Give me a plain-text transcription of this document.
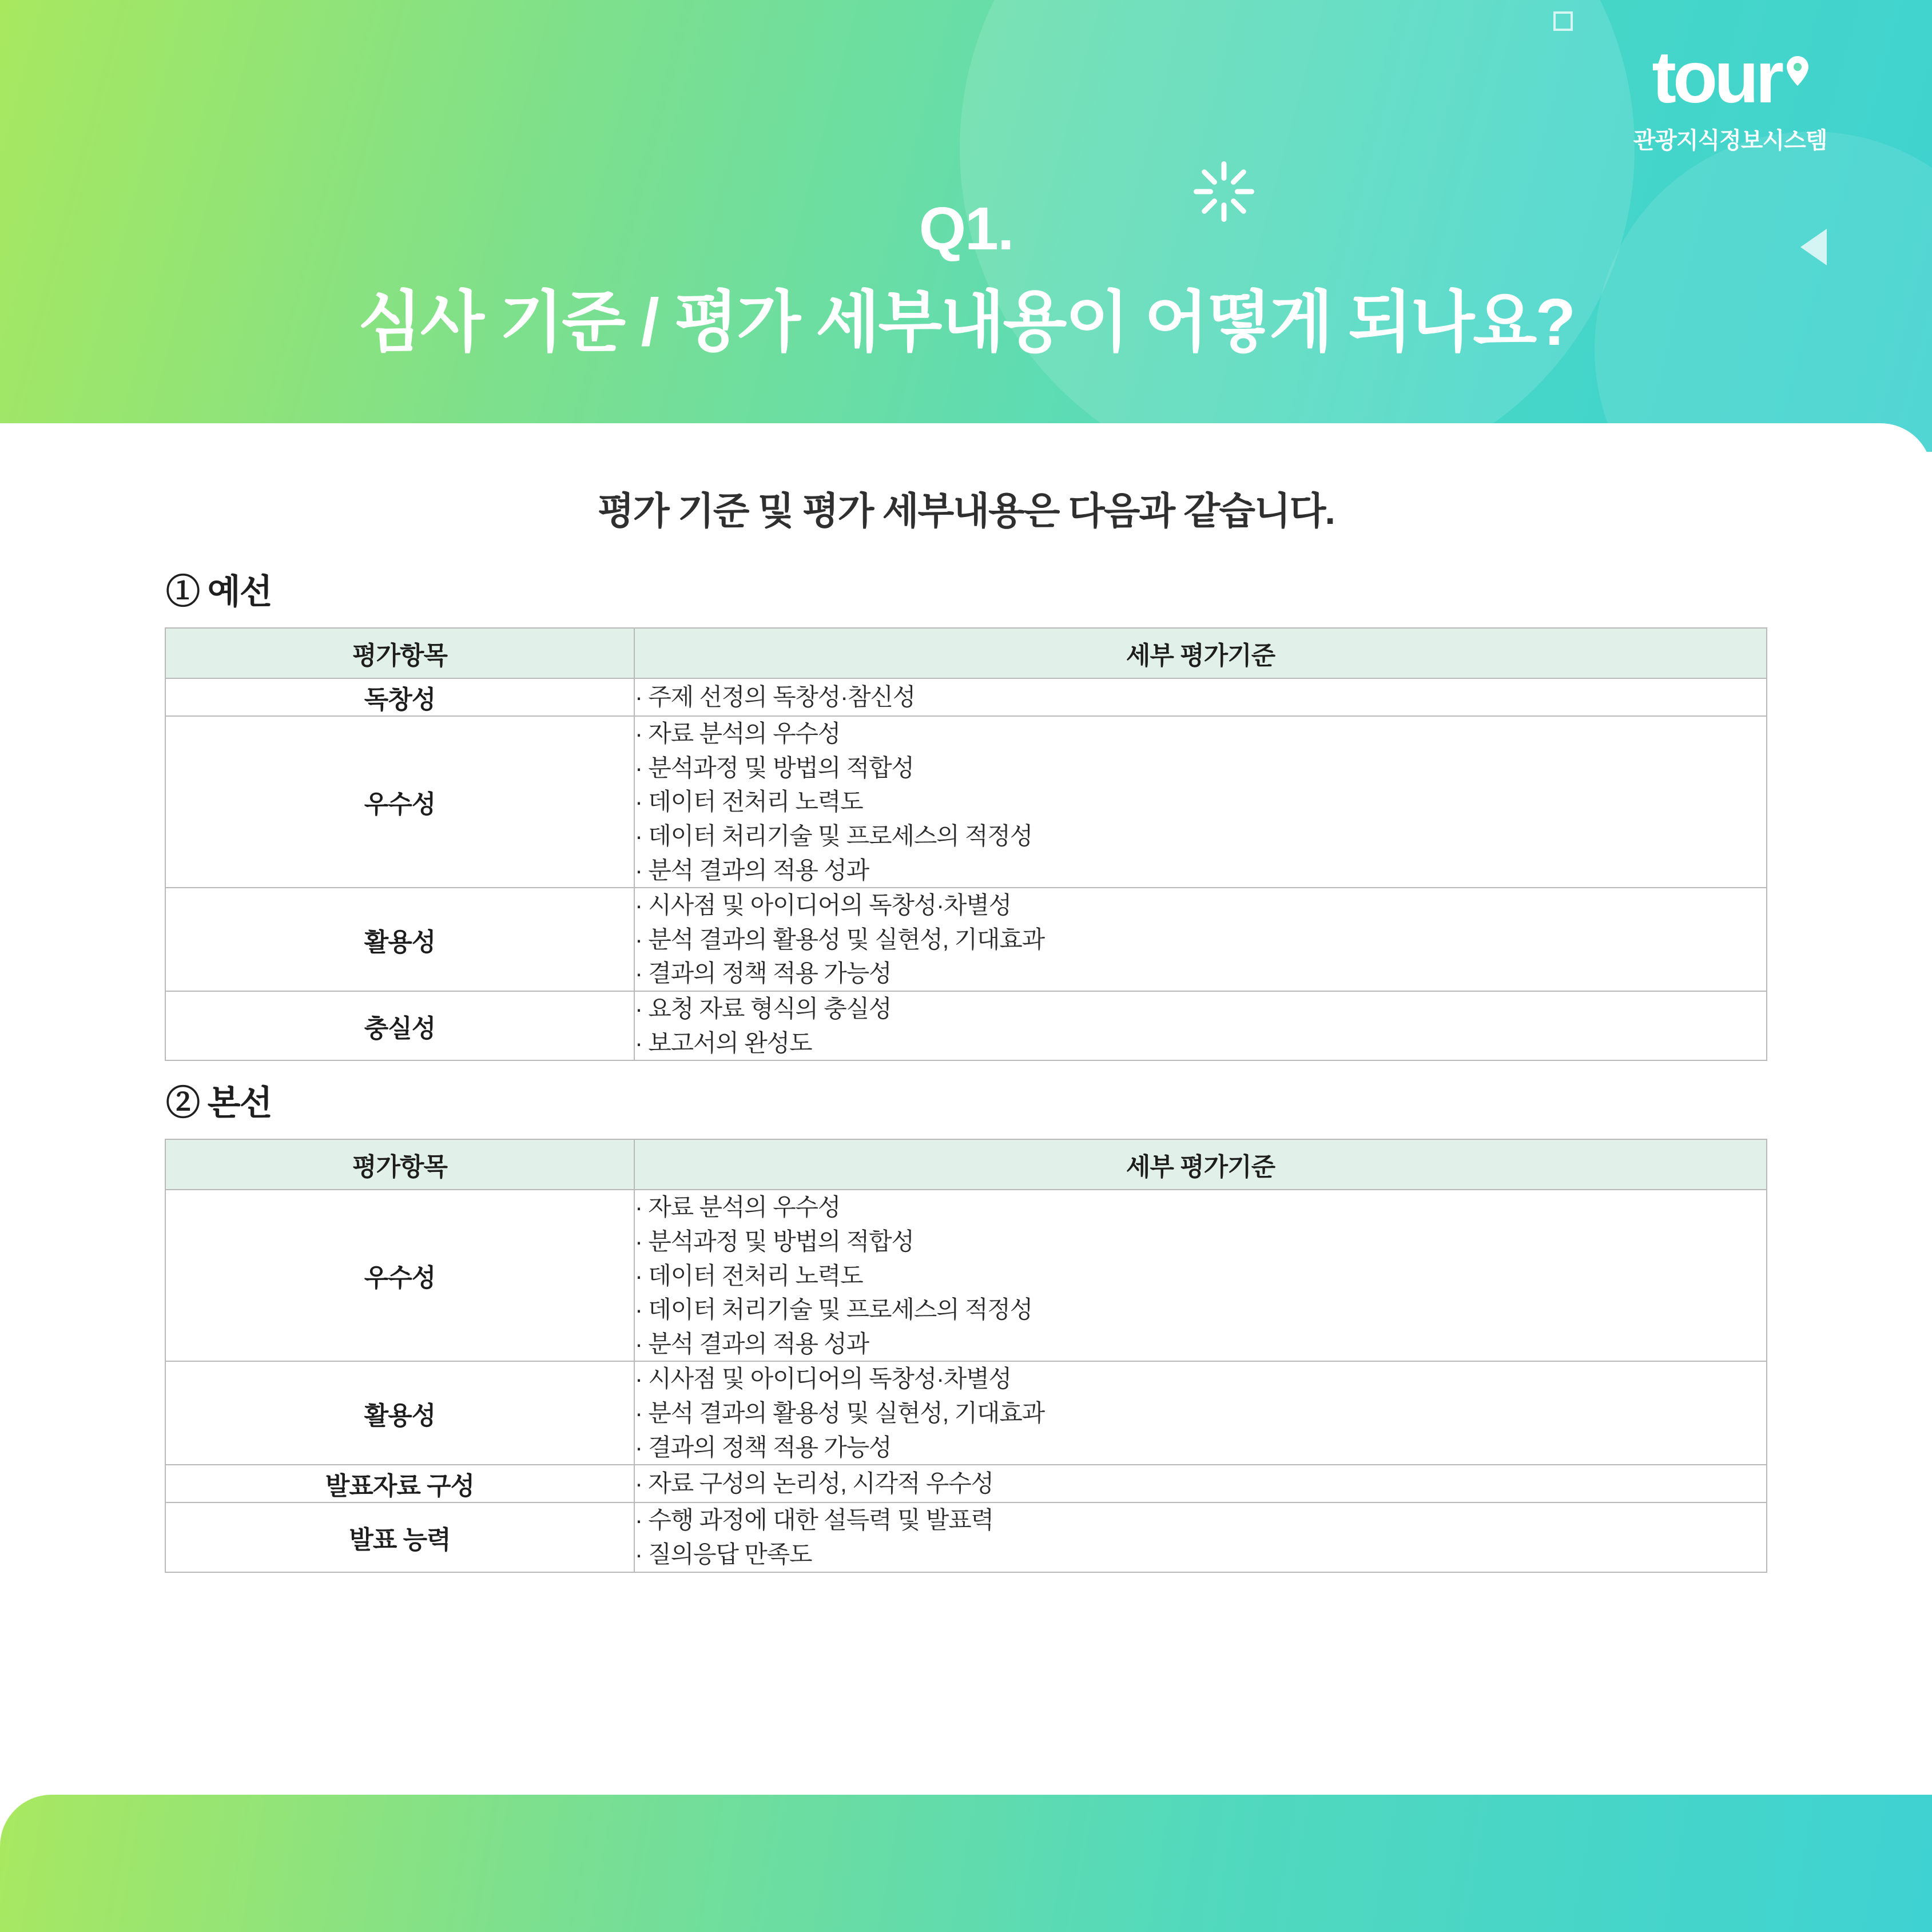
tour
관광지식정보시스템
Q1.
심사 기준 / 평가 세부내용이 어떻게 되나요?
평가 기준 및 평가 세부내용은 다음과 같습니다.
① 예선
평가항목	세부 평가기준
독창성	
·주제 선정의 독창성·참신성

우수성	
· 자료 분석의 우수성
· 분석과정 및 방법의 적합성
· 데이터 전처리 노력도
· 데이터 처리기술 및 프로세스의 적정성
· 분석 결과의 적용 성과

활용성	
· 시사점 및 아이디어의 독창성·차별성
· 분석 결과의 활용성 및 실현성, 기대효과
· 결과의 정책 적용 가능성

충실성	
· 요청 자료 형식의 충실성
· 보고서의 완성도
② 본선
평가항목	세부 평가기준
우수성	
· 자료 분석의 우수성
· 분석과정 및 방법의 적합성
· 데이터 전처리 노력도
· 데이터 처리기술 및 프로세스의 적정성
· 분석 결과의 적용 성과

활용성	
· 시사점 및 아이디어의 독창성·차별성
· 분석 결과의 활용성 및 실현성, 기대효과
· 결과의 정책 적용 가능성

발표자료 구성	
·자료 구성의 논리성, 시각적 우수성

발표 능력	
· 수행 과정에 대한 설득력 및 발표력
· 질의응답 만족도
